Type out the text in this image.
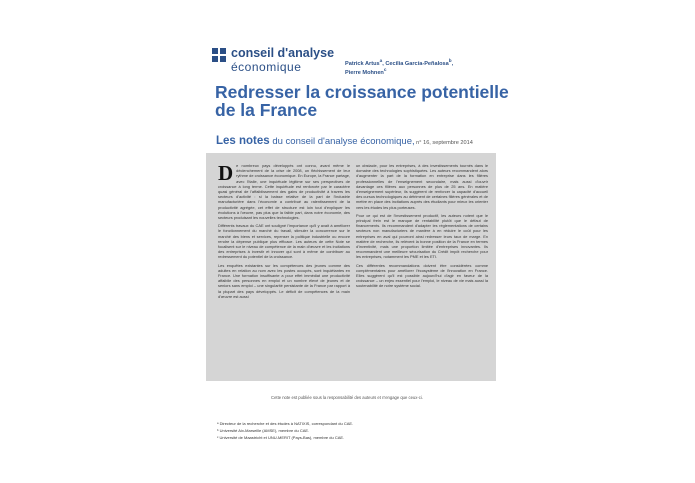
conseil d'analyse
économique	Patrick Artus$^a$, Cecilia García-Peñalosa$^b$,
Pierre Mohnen$^c$
Redresser la croissance potentielle de la France
Les notes du conseil d'analyse économique, n° 16, septembre 2014

De nombreux pays développés ont connu, avant même le déclenchement de la crise de 2008, un fléchissement de leur rythme de croissance économique. En Europe, la France partage, avec l'Italie, une inquiétude légitime sur ses perspectives de croissance à long terme. Cette inquiétude est renforcée par le caractère quasi général de l'affaiblissement des gains de productivité à travers les secteurs d'activité : si la baisse relative de la part de l'industrie manufacturière dans l'économie a contribué au ralentissement de la productivité agrégée, cet effet de structure est loin tout d'expliquer les évolutions à l'œuvre, pas plus que la faible part, dans notre économie, des secteurs produisant les nouvelles technologies.

Différents travaux du CAE ont souligné l'importance qu'il y avait à améliorer le fonctionnement du marché du travail, stimuler la concurrence sur le marché des biens et services, repenser la politique industrielle ou encore rendre la dépense publique plus efficace. Les auteurs de cette Note se focalisent sur le niveau de compétence de la main d'œuvre et les incitations des entreprises à investir et innover qui sont à même de contribuer au redressement du potentiel de la croissance.

Les enquêtes existantes sur les compétences des jeunes comme des adultes en relation au nom avec les postes occupés, sont inquiétantes en France. Une formation insuffisante a pour effet immédiat une productivité affaiblie des personnes en emploi et un nombre élevé de jeunes et de seniors sans emploi – une singularité persistante de la France par rapport à la plupart des pays développés. Le déficit de compétences de la main d'œuvre est aussi

un obstacle, pour les entreprises, à des investissements tournés dans le domaine des technologies sophistiquées. Les auteurs recommandent alors d'augmenter la part de la formation en entreprise dans les filières professionnelles de l'enseignement secondaire, mais aussi d'ouvrir davantage ces filières aux personnes de plus de 25 ans. En matière d'enseignement supérieur, ils suggèrent de renforcer la capacité d'accueil des cursus technologiques au détriment de certaines filières générales et de mettre en place des incitations auprès des étudiants pour mieux les orienter vers les études les plus porteuses.

Pour ce qui est de l'investissement productif, les auteurs notent que le principal frein est le manque de rentabilité plutôt que le défaut de financements. Ils recommandent d'adapter les réglementations de certains secteurs non manufacturiers de manière à en réduire le coût pour les entreprises en aval qui pourront ainsi redresser leurs taux de marge. En matière de recherche, ils relèvent la bonne position de la France en termes d'inventivité, mais une proportion limitée d'entreprises innovantes. Ils recommandent une meilleure sécurisation du Crédit impôt recherche pour les entreprises, notamment les PME et les ETI.

Ces différentes recommandations doivent être considérées comme complémentaires pour améliorer l'écosystème de l'innovation en France. Elles suggèrent qu'il est possible aujourd'hui d'agir en faveur de la croissance – un enjeu essentiel pour l'emploi, le niveau de vie mais aussi la soutenabilité de notre système social.

Cette note est publiée sous la responsabilité des auteurs et n'engage que ceux-ci.
ᵃ Directeur de la recherche et des études à NATIXIS, correspondant du CAE.
ᵇ Université Aix-Marseille (AMSE), membre du CAE.
ᶜ Université de Maastricht et UNU-MERIT (Pays-Bas), membre du CAE.
